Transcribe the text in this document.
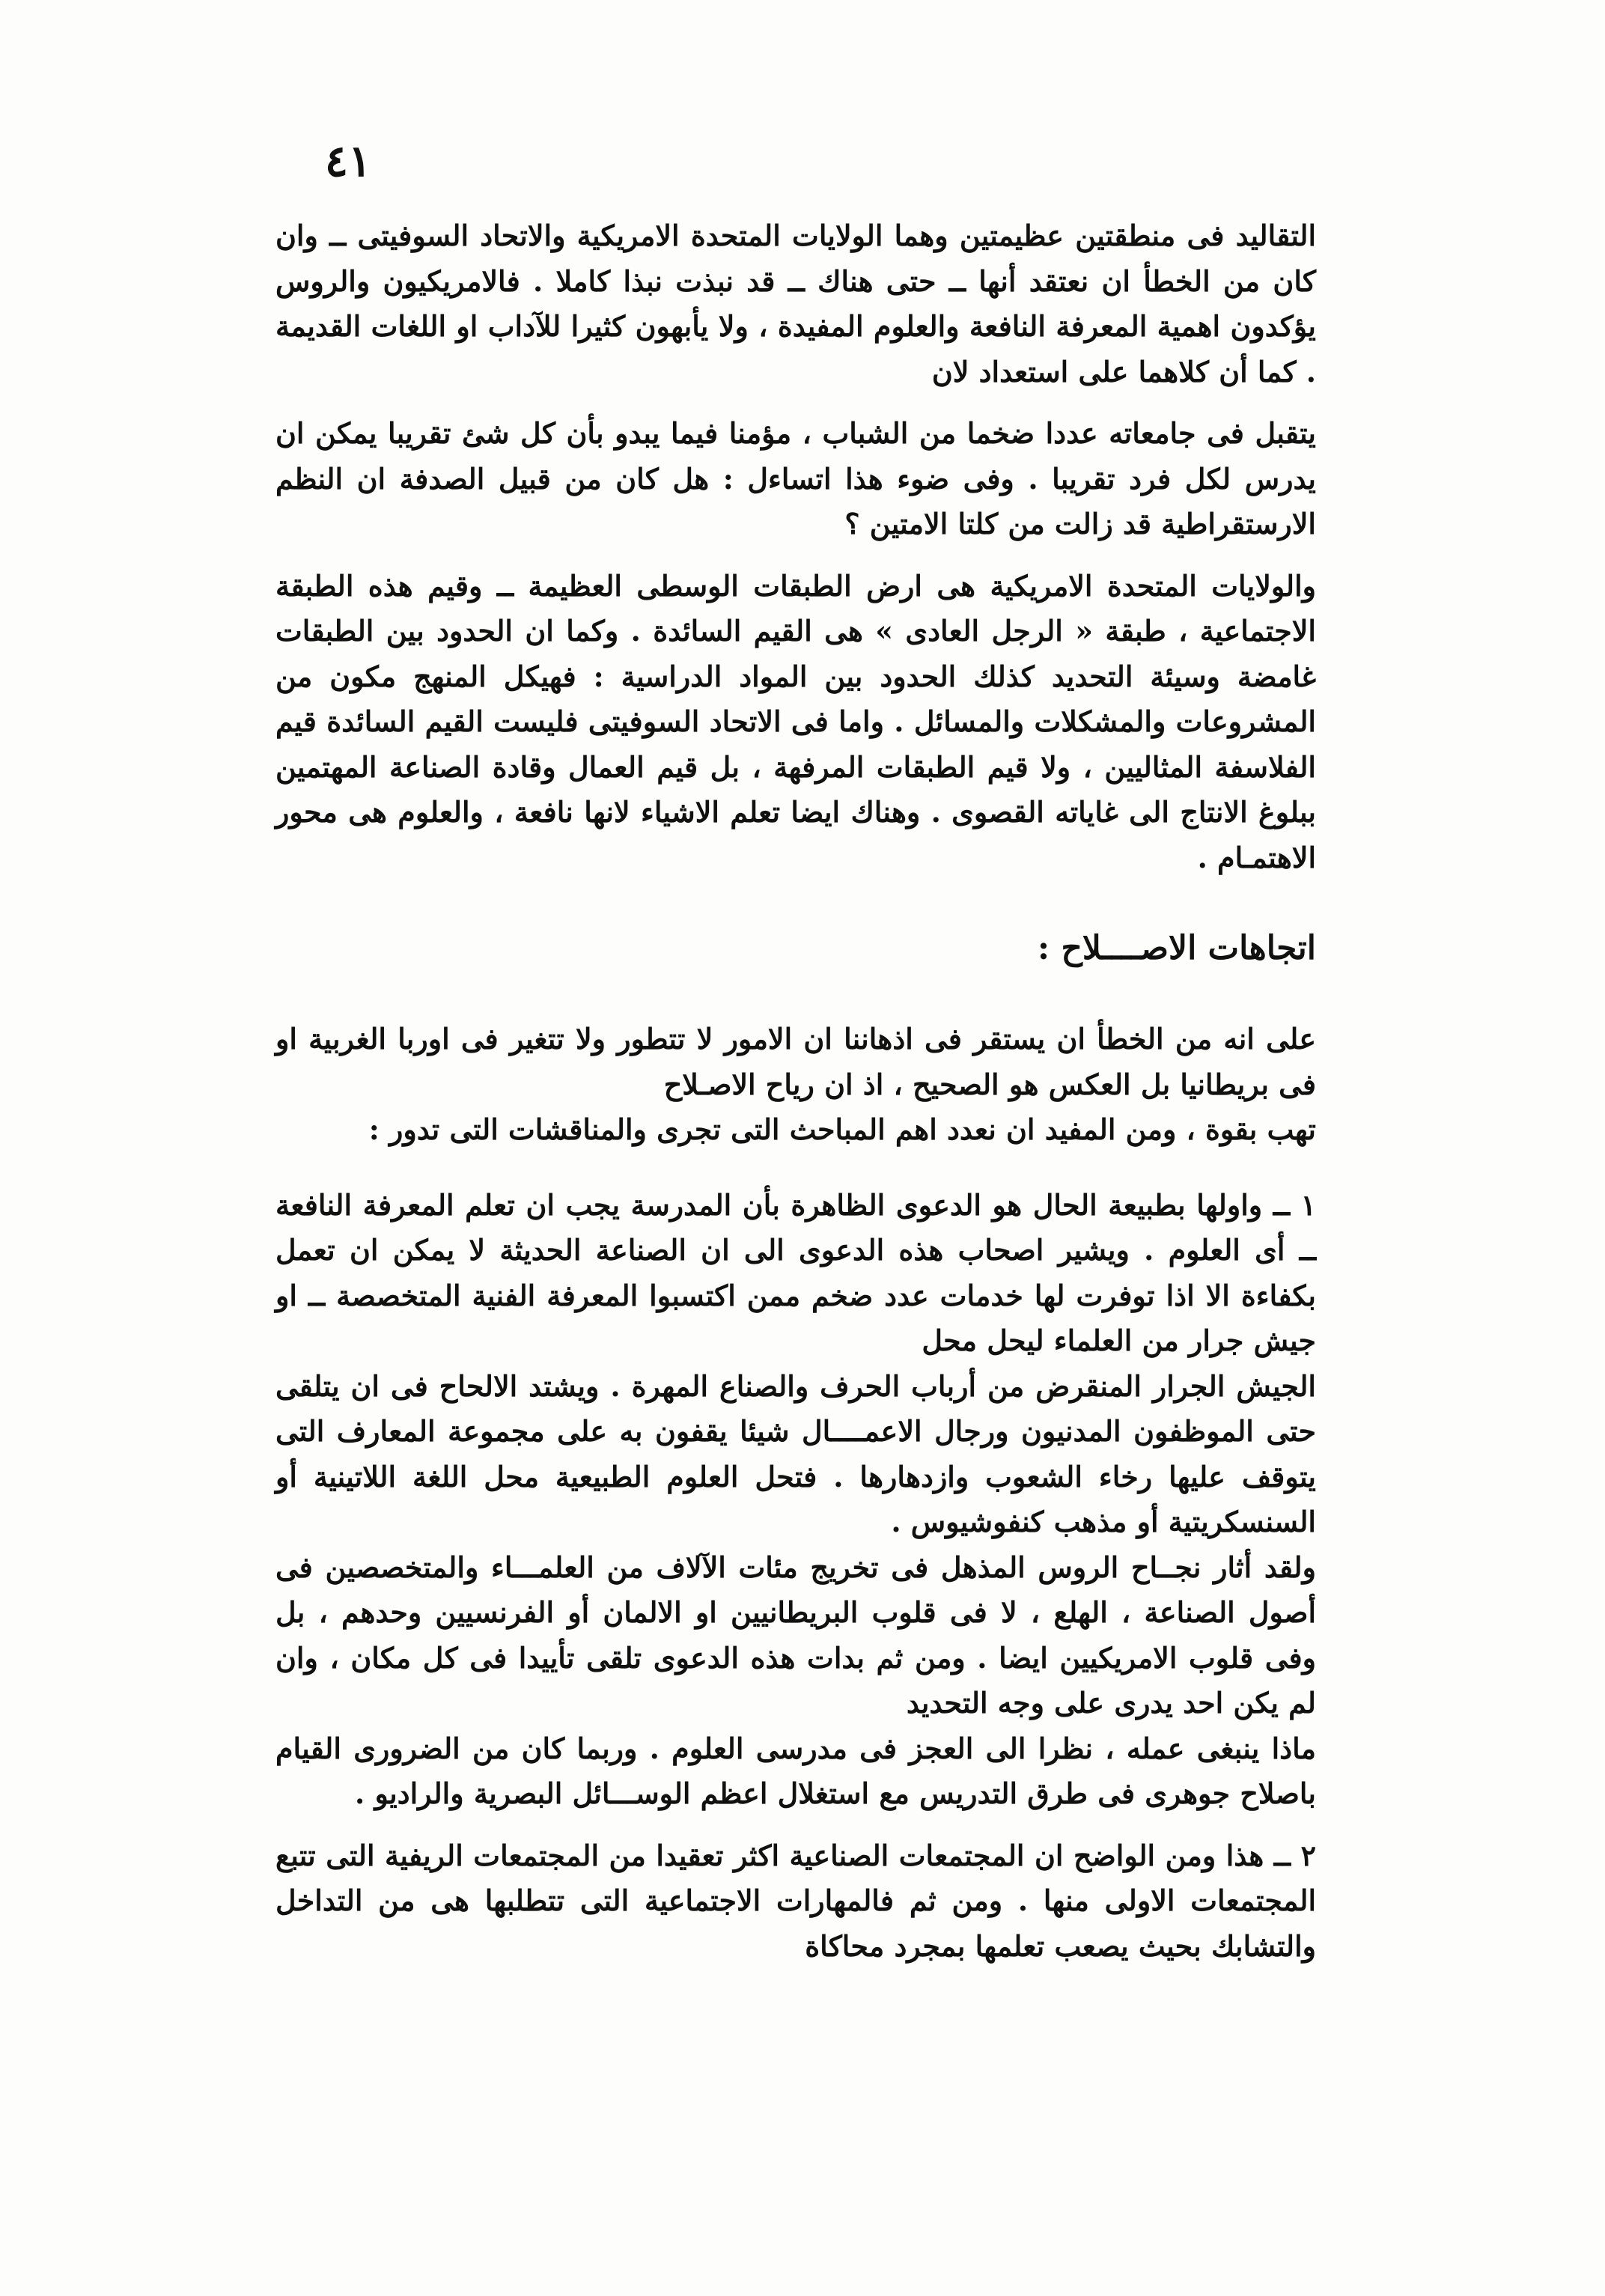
٤١

التقاليد فى منطقتين عظيمتين وهما الولايات المتحدة الامريكية والاتحاد السوفيتى ــ وان كان من الخطأ ان نعتقد أنها ــ حتى هناك ــ قد نبذت نبذا كاملا . فالامريكيون والروس يؤكدون اهمية المعرفة النافعة والعلوم المفيدة ، ولا يأبهون كثيرا للآداب او اللغات القديمة . كما أن كلاهما على استعداد لان

يتقبل فى جامعاته عددا ضخما من الشباب ، مؤمنا فيما يبدو بأن كل شئ تقريبا يمكن ان يدرس لكل فرد تقريبا . وفى ضوء هذا اتساءل : هل كان من قبيل الصدفة ان النظم الارستقراطية قد زالت من كلتا الامتين ؟

والولايات المتحدة الامريكية هى ارض الطبقات الوسطى العظيمة ــ وقيم هذه الطبقة الاجتماعية ، طبقة « الرجل العادى » هى القيم السائدة . وكما ان الحدود بين الطبقات غامضة وسيئة التحديد كذلك الحدود بين المواد الدراسية : فهيكل المنهج مكون من المشروعات والمشكلات والمسائل . واما فى الاتحاد السوفيتى فليست القيم السائدة قيم الفلاسفة المثاليين ، ولا قيم الطبقات المرفهة ، بل قيم العمال وقادة الصناعة المهتمين ببلوغ الانتاج الى غاياته القصوى . وهناك ايضا تعلم الاشياء لانها نافعة ، والعلوم هى محور الاهتمـام .

اتجاهات الاصــــلاح :

على انه من الخطأ ان يستقر فى اذهاننا ان الامور لا تتطور ولا تتغير فى اوربا الغربية او فى بريطانيا بل العكس هو الصحيح ، اذ ان رياح الاصـلاح

تهب بقوة ، ومن المفيد ان نعدد اهم المباحث التى تجرى والمناقشات التى تدور :

١ ــ واولها بطبيعة الحال هو الدعوى الظاهرة بأن المدرسة يجب ان تعلم المعرفة النافعة ــ أى العلوم . ويشير اصحاب هذه الدعوى الى ان الصناعة الحديثة لا يمكن ان تعمل بكفاءة الا اذا توفرت لها خدمات عدد ضخم ممن اكتسبوا المعرفة الفنية المتخصصة ــ او جيش جرار من العلماء ليحل محل

الجيش الجرار المنقرض من أرباب الحرف والصناع المهرة . ويشتد الالحاح فى ان يتلقى حتى الموظفون المدنيون ورجال الاعمــــال شيئا يقفون به على مجموعة المعارف التى يتوقف عليها رخاء الشعوب وازدهارها . فتحل العلوم الطبيعية محل اللغة اللاتينية أو السنسكريتية أو مذهب كنفوشيوس .

ولقد أثار نجــاح الروس المذهل فى تخريج مئات الآلاف من العلمـــاء والمتخصصين فى أصول الصناعة ، الهلع ، لا فى قلوب البريطانيين او الالمان أو الفرنسيين وحدهم ، بل وفى قلوب الامريكيين ايضا . ومن ثم بدات هذه الدعوى تلقى تأييدا فى كل مكان ، وان لم يكن احد يدرى على وجه التحديد

ماذا ينبغى عمله ، نظرا الى العجز فى مدرسى العلوم . وربما كان من الضرورى القيام باصلاح جوهرى فى طرق التدريس مع استغلال اعظم الوســـائل البصرية والراديو .

٢ ــ هذا ومن الواضح ان المجتمعات الصناعية اكثر تعقيدا من المجتمعات الريفية التى تتبع المجتمعات الاولى منها . ومن ثم فالمهارات الاجتماعية التى تتطلبها هى من التداخل والتشابك بحيث يصعب تعلمها بمجرد محاكاة
